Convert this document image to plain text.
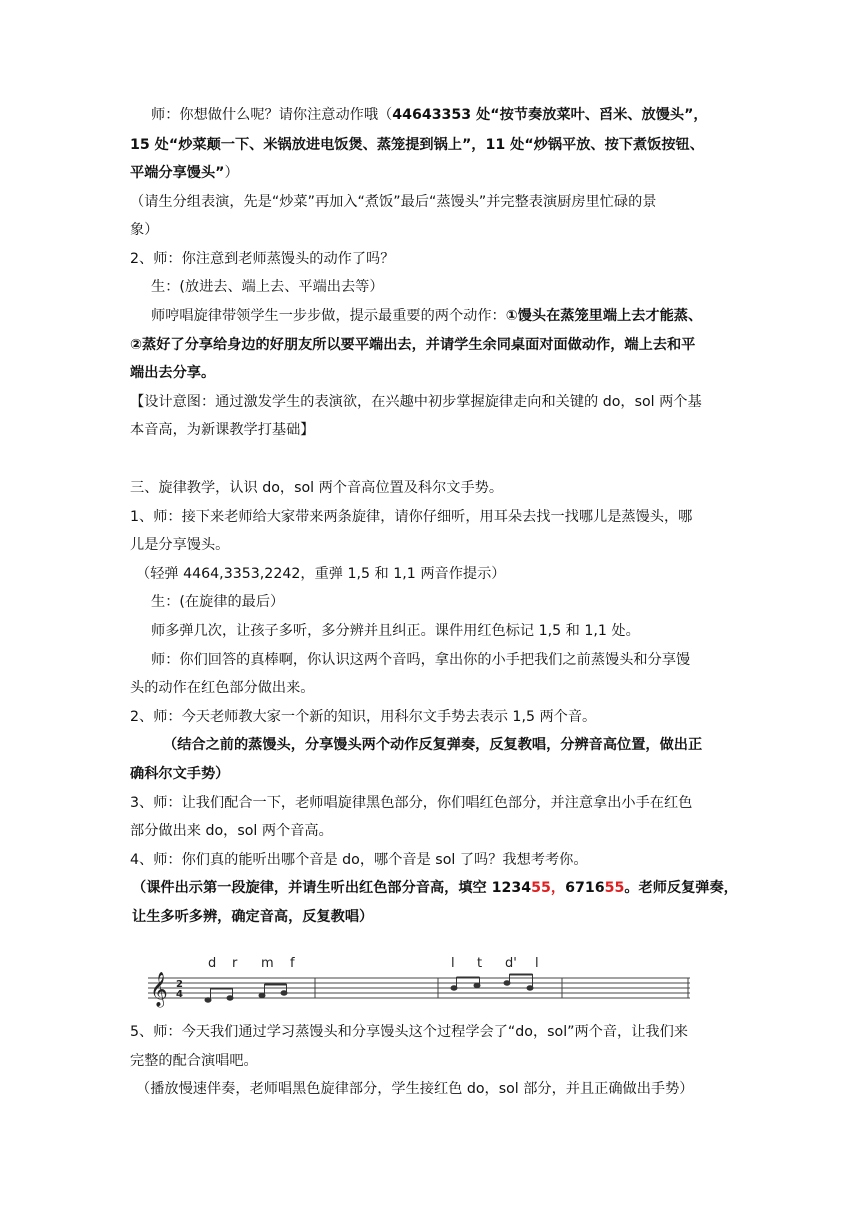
师：你想做什么呢？请你注意动作哦（44643353 处“按节奏放菜叶、舀米、放馒头”，
15 处“炒菜颠一下、米锅放进电饭煲、蒸笼提到锅上”，11 处“炒锅平放、按下煮饭按钮、
平端分享馒头”）
（请生分组表演，先是“炒菜”再加入“煮饭”最后“蒸馒头”并完整表演厨房里忙碌的景
象）
2、师：你注意到老师蒸馒头的动作了吗？
生：(放进去、端上去、平端出去等）
师哼唱旋律带领学生一步步做，提示最重要的两个动作：①馒头在蒸笼里端上去才能蒸、
②蒸好了分享给身边的好朋友所以要平端出去，并请学生余同桌面对面做动作，端上去和平
端出去分享。
【设计意图：通过激发学生的表演欲，在兴趣中初步掌握旋律走向和关键的 do，sol 两个基
本音高，为新课教学打基础】
三、旋律教学，认识 do，sol 两个音高位置及科尔文手势。
1、师：接下来老师给大家带来两条旋律，请你仔细听，用耳朵去找一找哪儿是蒸馒头，哪
儿是分享馒头。
（轻弹 4464,3353,2242，重弹 1,5 和 1,1 两音作提示）
生：(在旋律的最后）
师多弹几次，让孩子多听，多分辨并且纠正。课件用红色标记 1,5 和 1,1 处。
师：你们回答的真棒啊，你认识这两个音吗，拿出你的小手把我们之前蒸馒头和分享馒
头的动作在红色部分做出来。
2、师：今天老师教大家一个新的知识，用科尔文手势去表示 1,5 两个音。
（结合之前的蒸馒头，分享馒头两个动作反复弹奏，反复教唱，分辨音高位置，做出正
确科尔文手势）
3、师：让我们配合一下，老师唱旋律黑色部分，你们唱红色部分，并注意拿出小手在红色
部分做出来 do，sol 两个音高。
4、师：你们真的能听出哪个音是 do，哪个音是 sol 了吗？我想考考你。
（课件出示第一段旋律，并请生听出红色部分音高，填空 123455，671655。老师反复弹奏，
让生多听多辨，确定音高，反复教唱）
𝄞 2
4
d r m f	l t d' l
5、师：今天我们通过学习蒸馒头和分享馒头这个过程学会了“do，sol”两个音，让我们来
完整的配合演唱吧。
（播放慢速伴奏，老师唱黑色旋律部分，学生接红色 do，sol 部分，并且正确做出手势）
